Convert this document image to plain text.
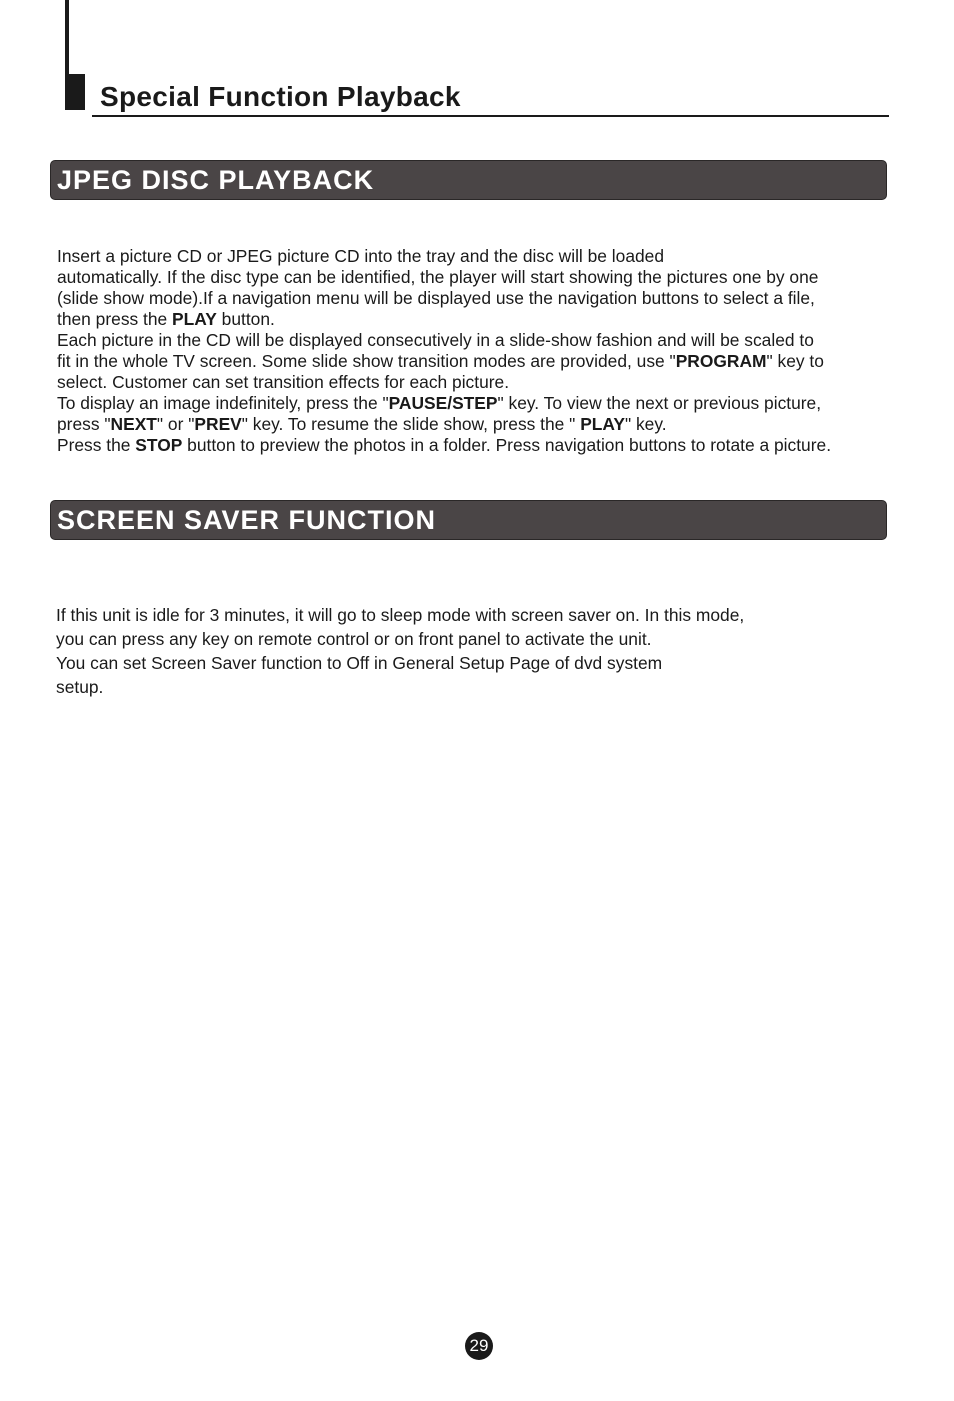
Special Function Playback
JPEG DISC PLAYBACK
Insert a picture CD or JPEG picture CD into the tray and the disc will be loaded
automatically. If the disc type can be identified, the player will start showing the pictures one by one
(slide show mode).If a navigation menu will be displayed use the navigation buttons to select a file,
then press the PLAY button.
Each picture in the CD will be displayed consecutively in a slide-show fashion and will be scaled to
fit in the whole TV screen. Some slide show transition modes are provided, use "PROGRAM" key to
select. Customer can set transition effects for each picture.
To display an image indefinitely, press the "PAUSE/STEP" key. To view the next or previous picture,
press "NEXT" or "PREV" key. To resume the slide show, press the " PLAY" key.
Press the STOP button to preview the photos in a folder. Press navigation buttons to rotate a picture.
SCREEN SAVER FUNCTION
If this unit is idle for 3 minutes, it will go to sleep mode with screen saver on. In this mode,
you can press any key on remote control or on front panel to activate the unit.
You can set Screen Saver function to Off in General Setup Page of dvd system
setup.
29
